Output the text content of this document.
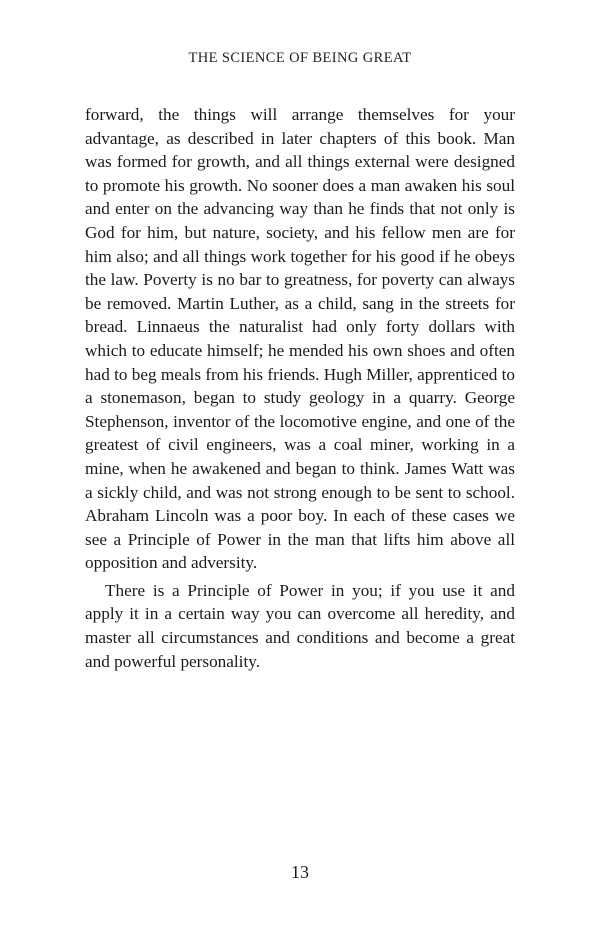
THE SCIENCE OF BEING GREAT

forward, the things will arrange themselves for your advantage, as described in later chapters of this book. Man was formed for growth, and all things external were designed to promote his growth. No sooner does a man awaken his soul and enter on the advancing way than he finds that not only is God for him, but nature, society, and his fellow men are for him also; and all things work together for his good if he obeys the law. Poverty is no bar to greatness, for poverty can always be removed. Martin Luther, as a child, sang in the streets for bread. Linnaeus the naturalist had only forty dollars with which to educate himself; he mended his own shoes and often had to beg meals from his friends. Hugh Miller, apprenticed to a stonemason, began to study geology in a quarry. George Stephenson, inventor of the locomotive engine, and one of the greatest of civil engineers, was a coal miner, working in a mine, when he awakened and began to think. James Watt was a sickly child, and was not strong enough to be sent to school. Abraham Lincoln was a poor boy. In each of these cases we see a Principle of Power in the man that lifts him above all opposition and adversity.

There is a Principle of Power in you; if you use it and apply it in a certain way you can overcome all heredity, and master all circumstances and conditions and become a great and powerful personality.

13
